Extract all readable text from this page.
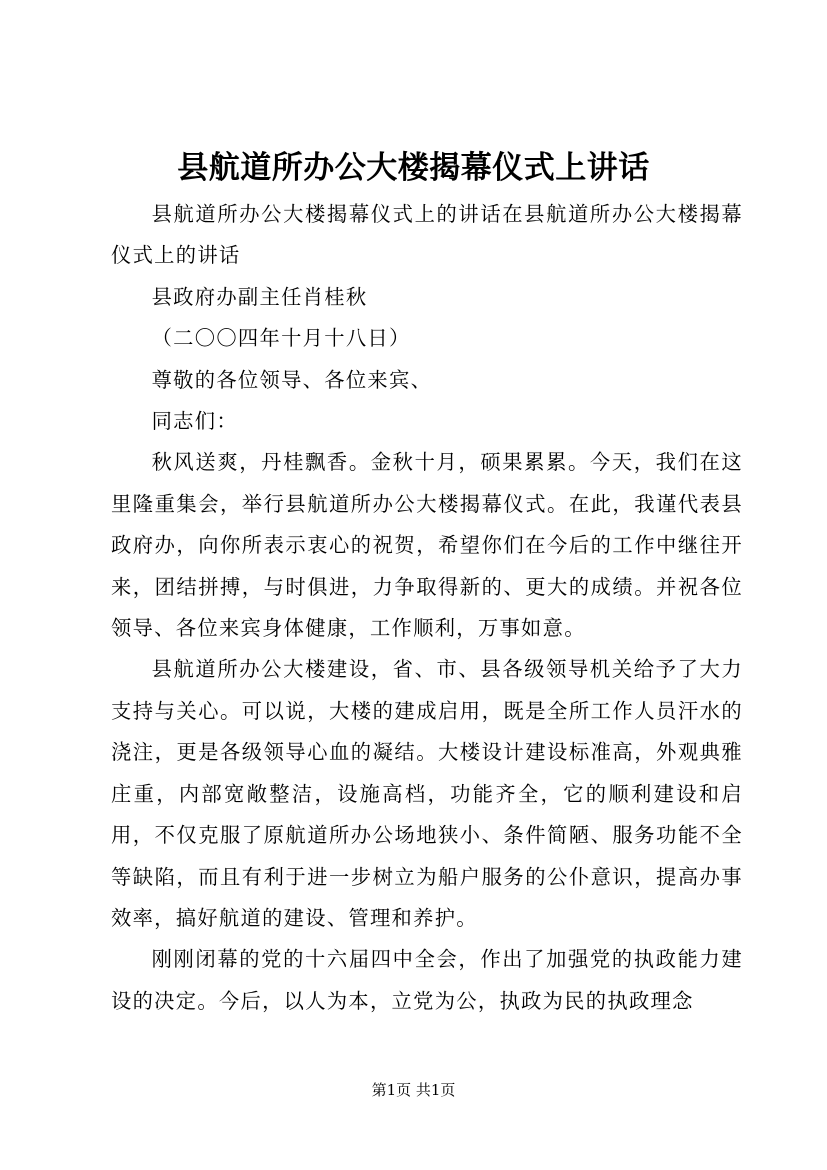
县航道所办公大楼揭幕仪式上讲话

县航道所办公大楼揭幕仪式上的讲话在县航道所办公大楼揭幕仪式上的讲话

县政府办副主任肖桂秋

（二〇〇四年十月十八日）

尊敬的各位领导、各位来宾、

同志们：

秋风送爽，丹桂飘香。金秋十月，硕果累累。今天，我们在这里隆重集会，举行县航道所办公大楼揭幕仪式。在此，我谨代表县政府办，向你所表示衷心的祝贺，希望你们在今后的工作中继往开来，团结拼搏，与时俱进，力争取得新的、更大的成绩。并祝各位领导、各位来宾身体健康，工作顺利，万事如意。

县航道所办公大楼建设，省、市、县各级领导机关给予了大力支持与关心。可以说，大楼的建成启用，既是全所工作人员汗水的浇注，更是各级领导心血的凝结。大楼设计建设标准高，外观典雅庄重，内部宽敞整洁，设施高档，功能齐全，它的顺利建设和启用，不仅克服了原航道所办公场地狭小、条件简陋、服务功能不全等缺陷，而且有利于进一步树立为船户服务的公仆意识，提高办事效率，搞好航道的建设、管理和养护。

刚刚闭幕的党的十六届四中全会，作出了加强党的执政能力建设的决定。今后，以人为本，立党为公，执政为民的执政理念

第1页 共1页
